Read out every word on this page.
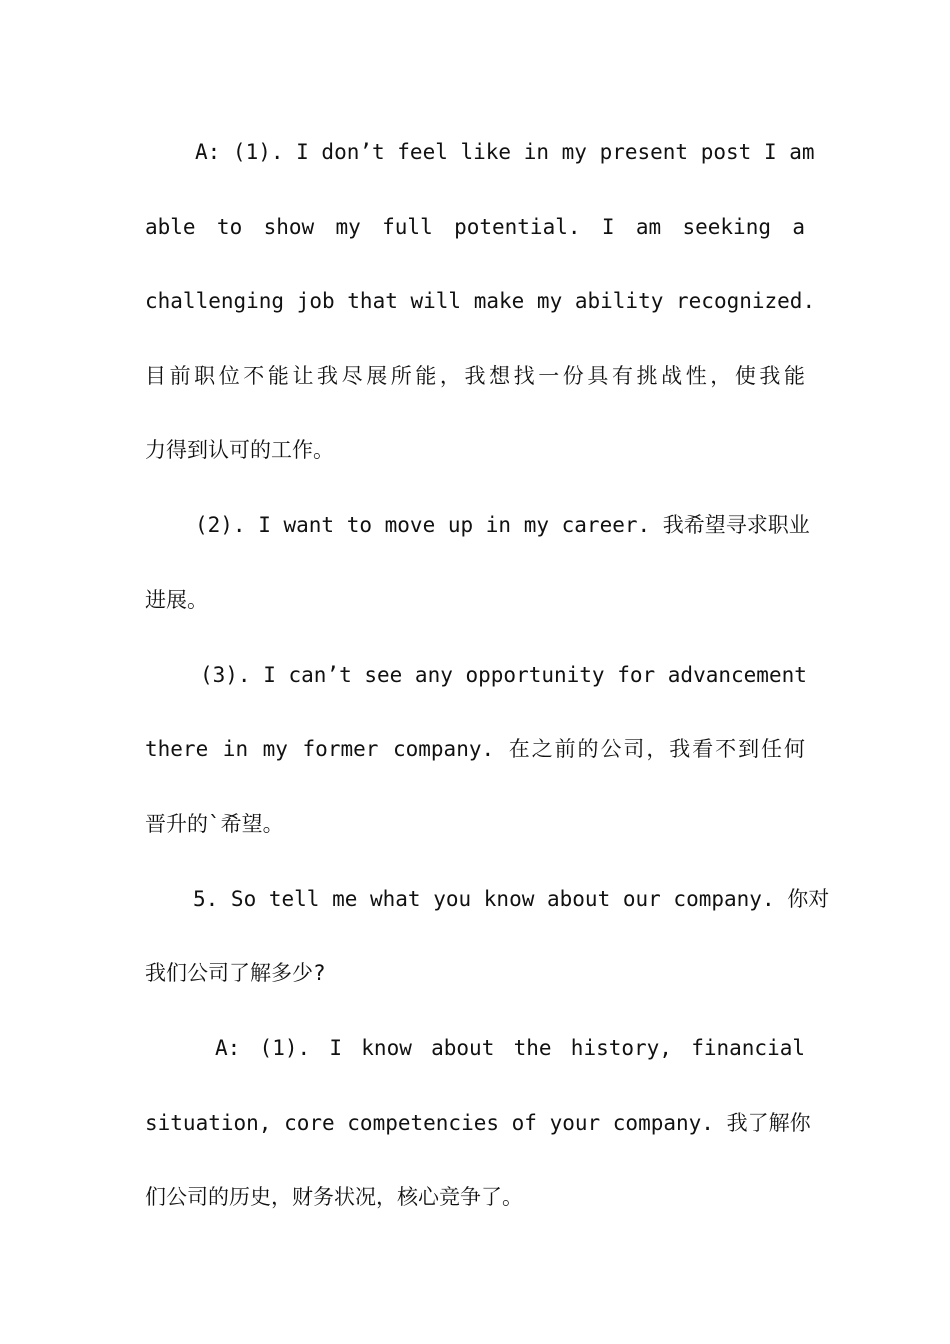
A: (1). I don’t feel like in my present post I am
able to show my full potential. I am seeking a
challenging job that will make my ability recognized.
目前职位不能让我尽展所能，我想找一份具有挑战性，使我能
力得到认可的工作。
(2). I want to move up in my career. 我希望寻求职业
进展。
(3). I can’t see any opportunity for advancement
there in my former company. 在之前的公司，我看不到任何
晋升的`希望。
5. So tell me what you know about our company. 你对
我们公司了解多少?
A: (1). I know about the history, financial
situation, core competencies of your company. 我了解你
们公司的历史，财务状况，核心竞争了。
